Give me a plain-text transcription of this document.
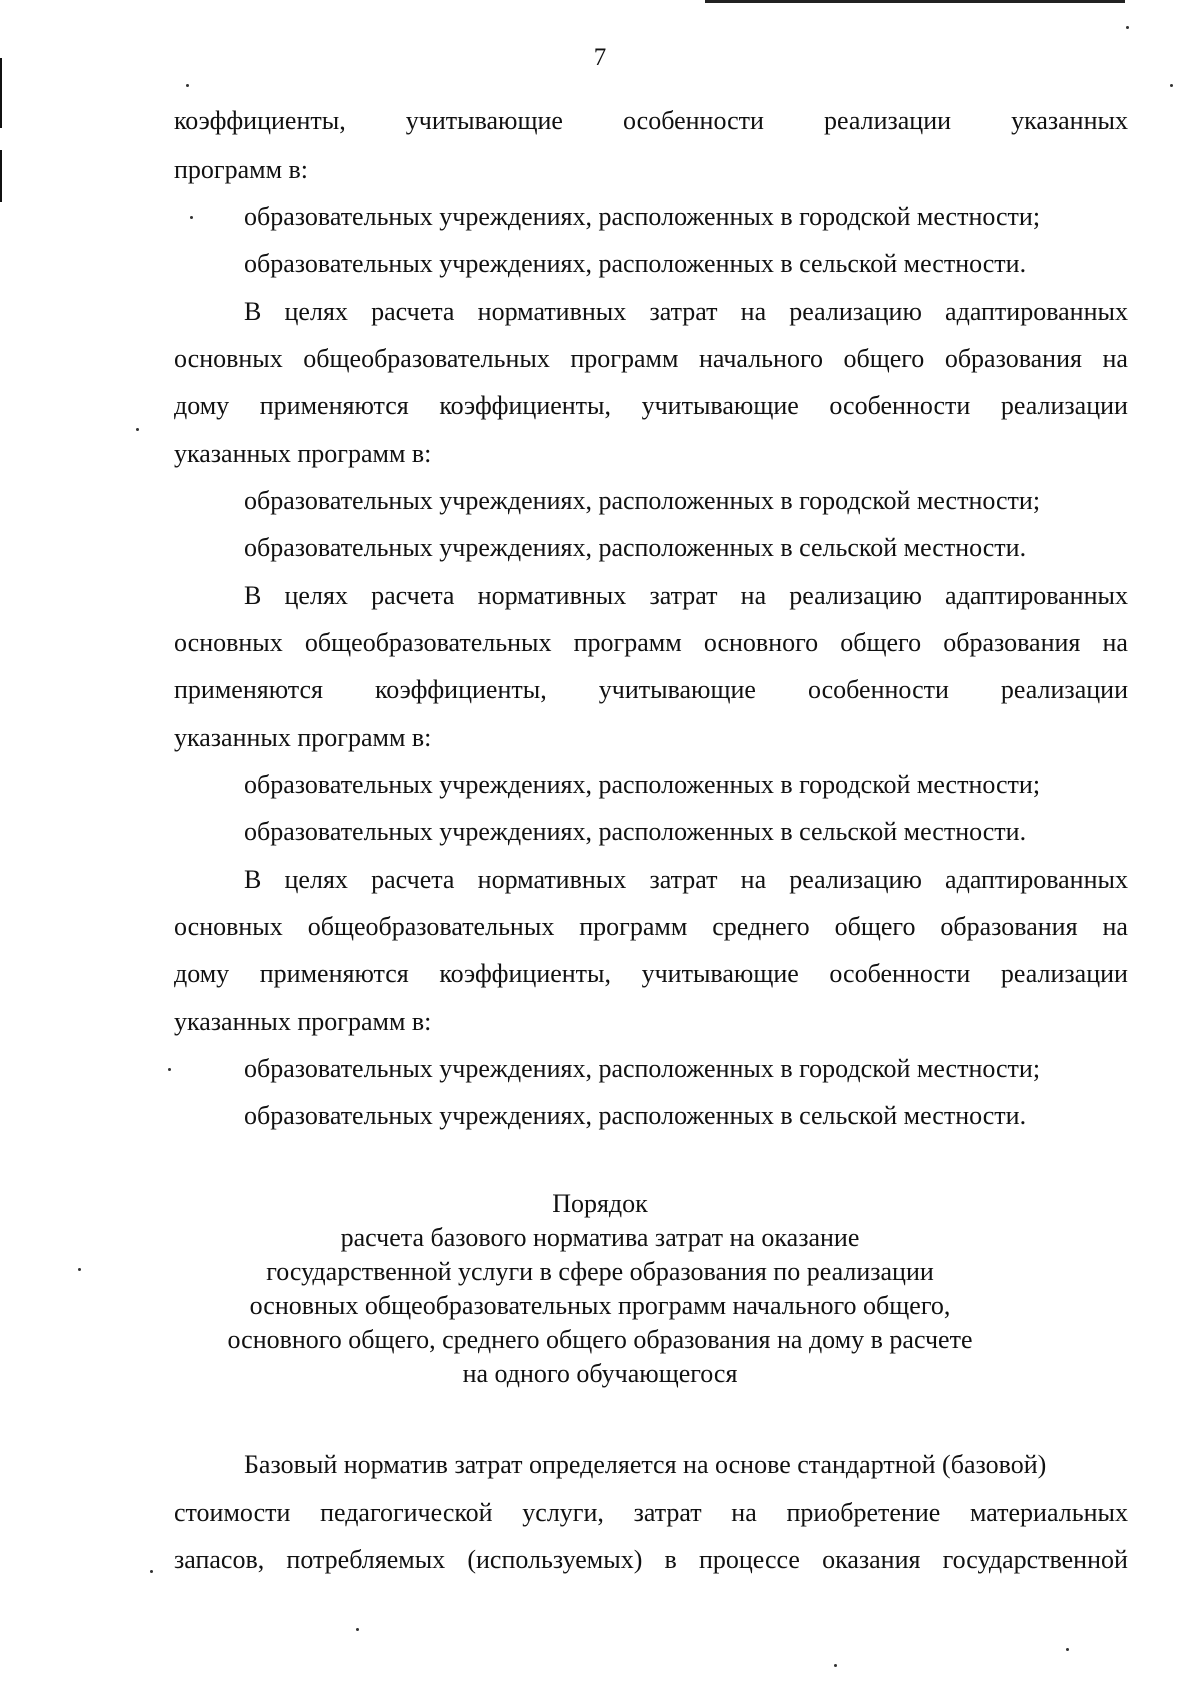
7
коэффициенты, учитывающие особенности реализации указанных
программ в:
образовательных учреждениях, расположенных в городской местности;
образовательных учреждениях, расположенных в сельской местности.
В целях расчета нормативных затрат на реализацию адаптированных
основных общеобразовательных программ начального общего образования на
дому применяются коэффициенты, учитывающие особенности реализации
указанных программ в:
образовательных учреждениях, расположенных в городской местности;
образовательных учреждениях, расположенных в сельской местности.
В целях расчета нормативных затрат на реализацию адаптированных
основных общеобразовательных программ основного общего образования на
применяются коэффициенты, учитывающие особенности реализации
указанных программ в:
образовательных учреждениях, расположенных в городской местности;
образовательных учреждениях, расположенных в сельской местности.
В целях расчета нормативных затрат на реализацию адаптированных
основных общеобразовательных программ среднего общего образования на
дому применяются коэффициенты, учитывающие особенности реализации
указанных программ в:
образовательных учреждениях, расположенных в городской местности;
образовательных учреждениях, расположенных в сельской местности.
Порядок
расчета базового норматива затрат на оказание
государственной услуги в сфере образования по реализации
основных общеобразовательных программ начального общего,
основного общего, среднего общего образования на дому в расчете
на одного обучающегося
Базовый норматив затрат определяется на основе стандартной (базовой)
стоимости педагогической услуги, затрат на приобретение материальных
запасов, потребляемых (используемых) в процессе оказания государственной
